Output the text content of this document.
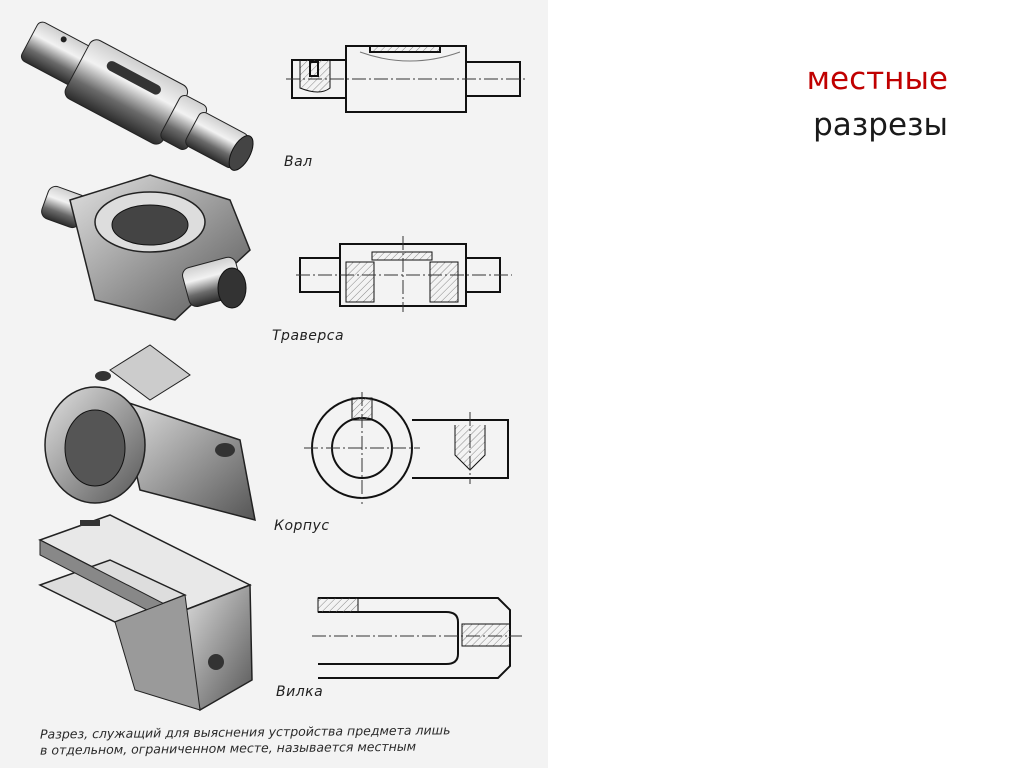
Вал
Траверса
Корпус
Вилка
Разрез, служащий для выяснения устройства предмета лишь
в отдельном, ограниченном месте, называется местным
местные
разрезы
